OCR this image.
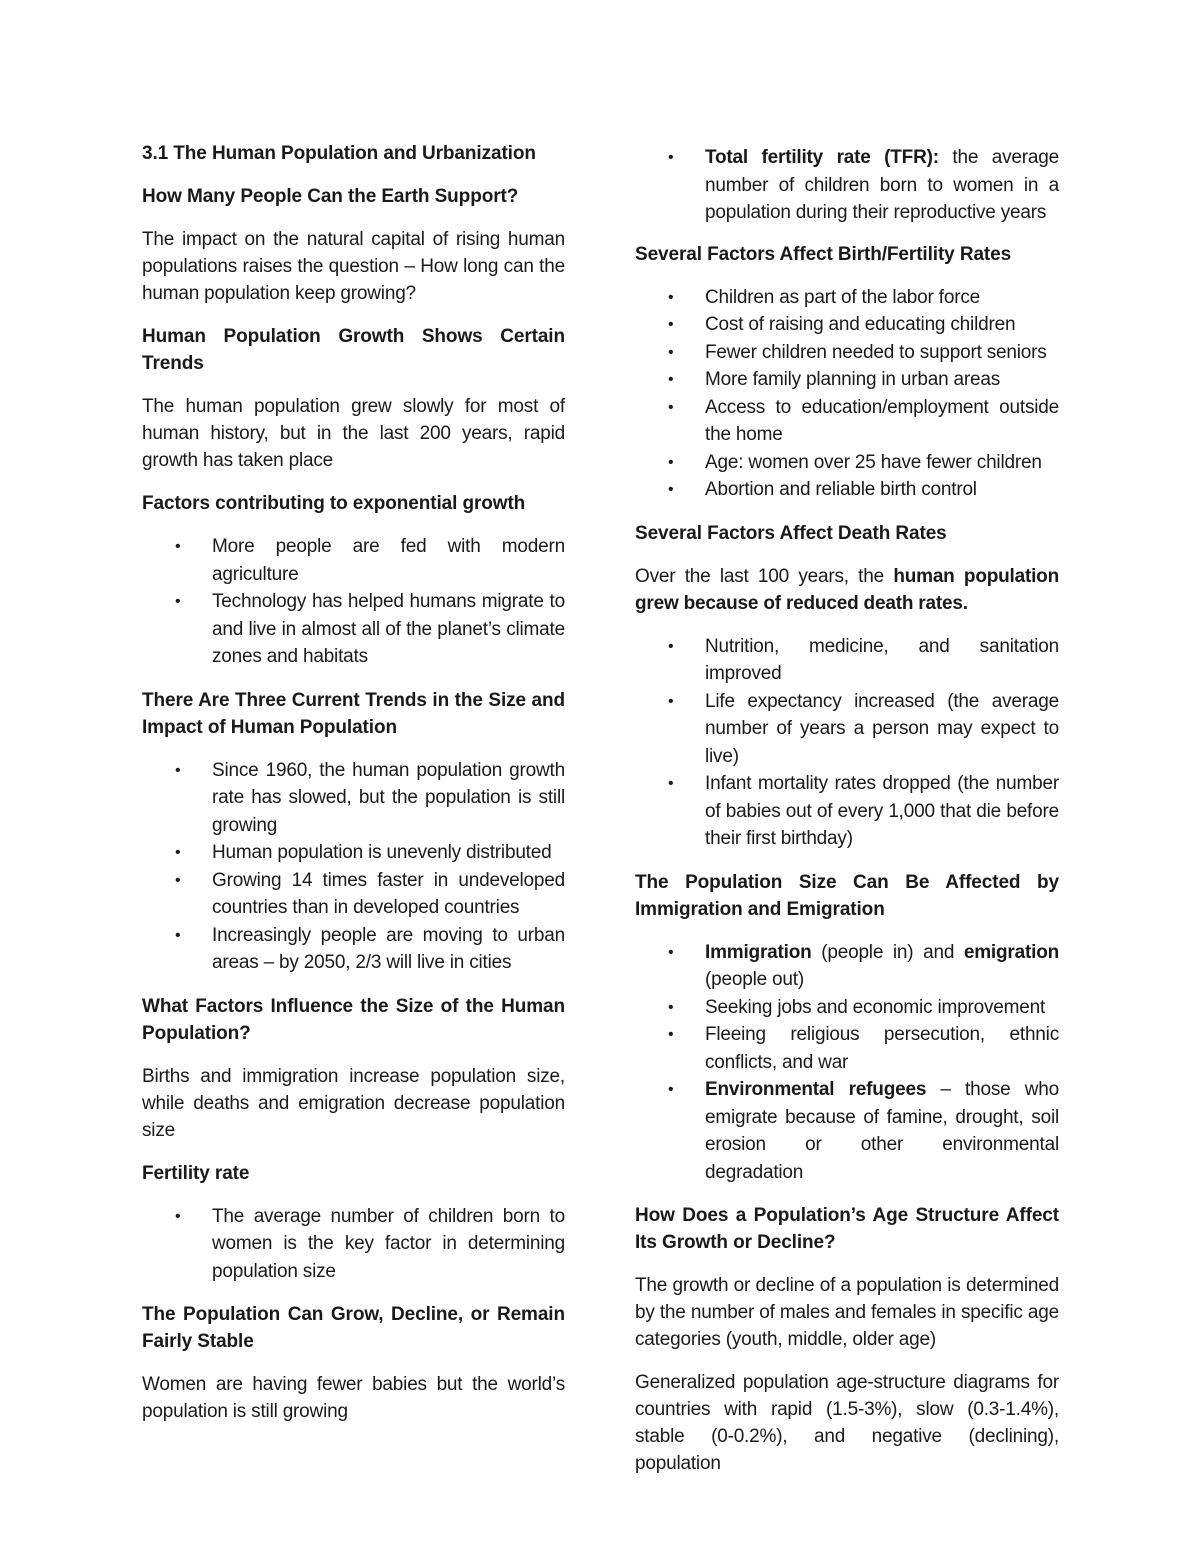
3.1 The Human Population and Urbanization
How Many People Can the Earth Support?

The impact on the natural capital of rising human populations raises the question – How long can the human population keep growing?

Human Population Growth Shows Certain Trends

The human population grew slowly for most of human history, but in the last 200 years, rapid growth has taken place

Factors contributing to exponential growth
• More people are fed with modern agriculture
• Technology has helped humans migrate to and live in almost all of the planet’s climate zones and habitats
There Are Three Current Trends in the Size and Impact of Human Population
• Since 1960, the human population growth rate has slowed, but the population is still growing
• Human population is unevenly distributed
• Growing 14 times faster in undeveloped countries than in developed countries
• Increasingly people are moving to urban areas – by 2050, 2/3 will live in cities
What Factors Influence the Size of the Human Population?

Births and immigration increase population size, while deaths and emigration decrease population size

Fertility rate
• The average number of children born to women is the key factor in determining population size
The Population Can Grow, Decline, or Remain Fairly Stable

Women are having fewer babies but the world’s population is still growing

• Total fertility rate (TFR): the average number of children born to women in a population during their reproductive years
Several Factors Affect Birth/Fertility Rates
• Children as part of the labor force
• Cost of raising and educating children
• Fewer children needed to support seniors
• More family planning in urban areas
• Access to education/employment outside the home
• Age: women over 25 have fewer children
• Abortion and reliable birth control
Several Factors Affect Death Rates

Over the last 100 years, the human population grew because of reduced death rates.

• Nutrition, medicine, and sanitation improved
• Life expectancy increased (the average number of years a person may expect to live)
• Infant mortality rates dropped (the number of babies out of every 1,000 that die before their first birthday)
The Population Size Can Be Affected by Immigration and Emigration
• Immigration (people in) and emigration (people out)
• Seeking jobs and economic improvement
• Fleeing religious persecution, ethnic conflicts, and war
• Environmental refugees – those who emigrate because of famine, drought, soil erosion or other environmental degradation
How Does a Population’s Age Structure Affect Its Growth or Decline?

The growth or decline of a population is determined by the number of males and females in specific age categories (youth, middle, older age)

Generalized population age-structure diagrams for countries with rapid (1.5-3%), slow (0.3-1.4%), stable (0-0.2%), and negative (declining), population
